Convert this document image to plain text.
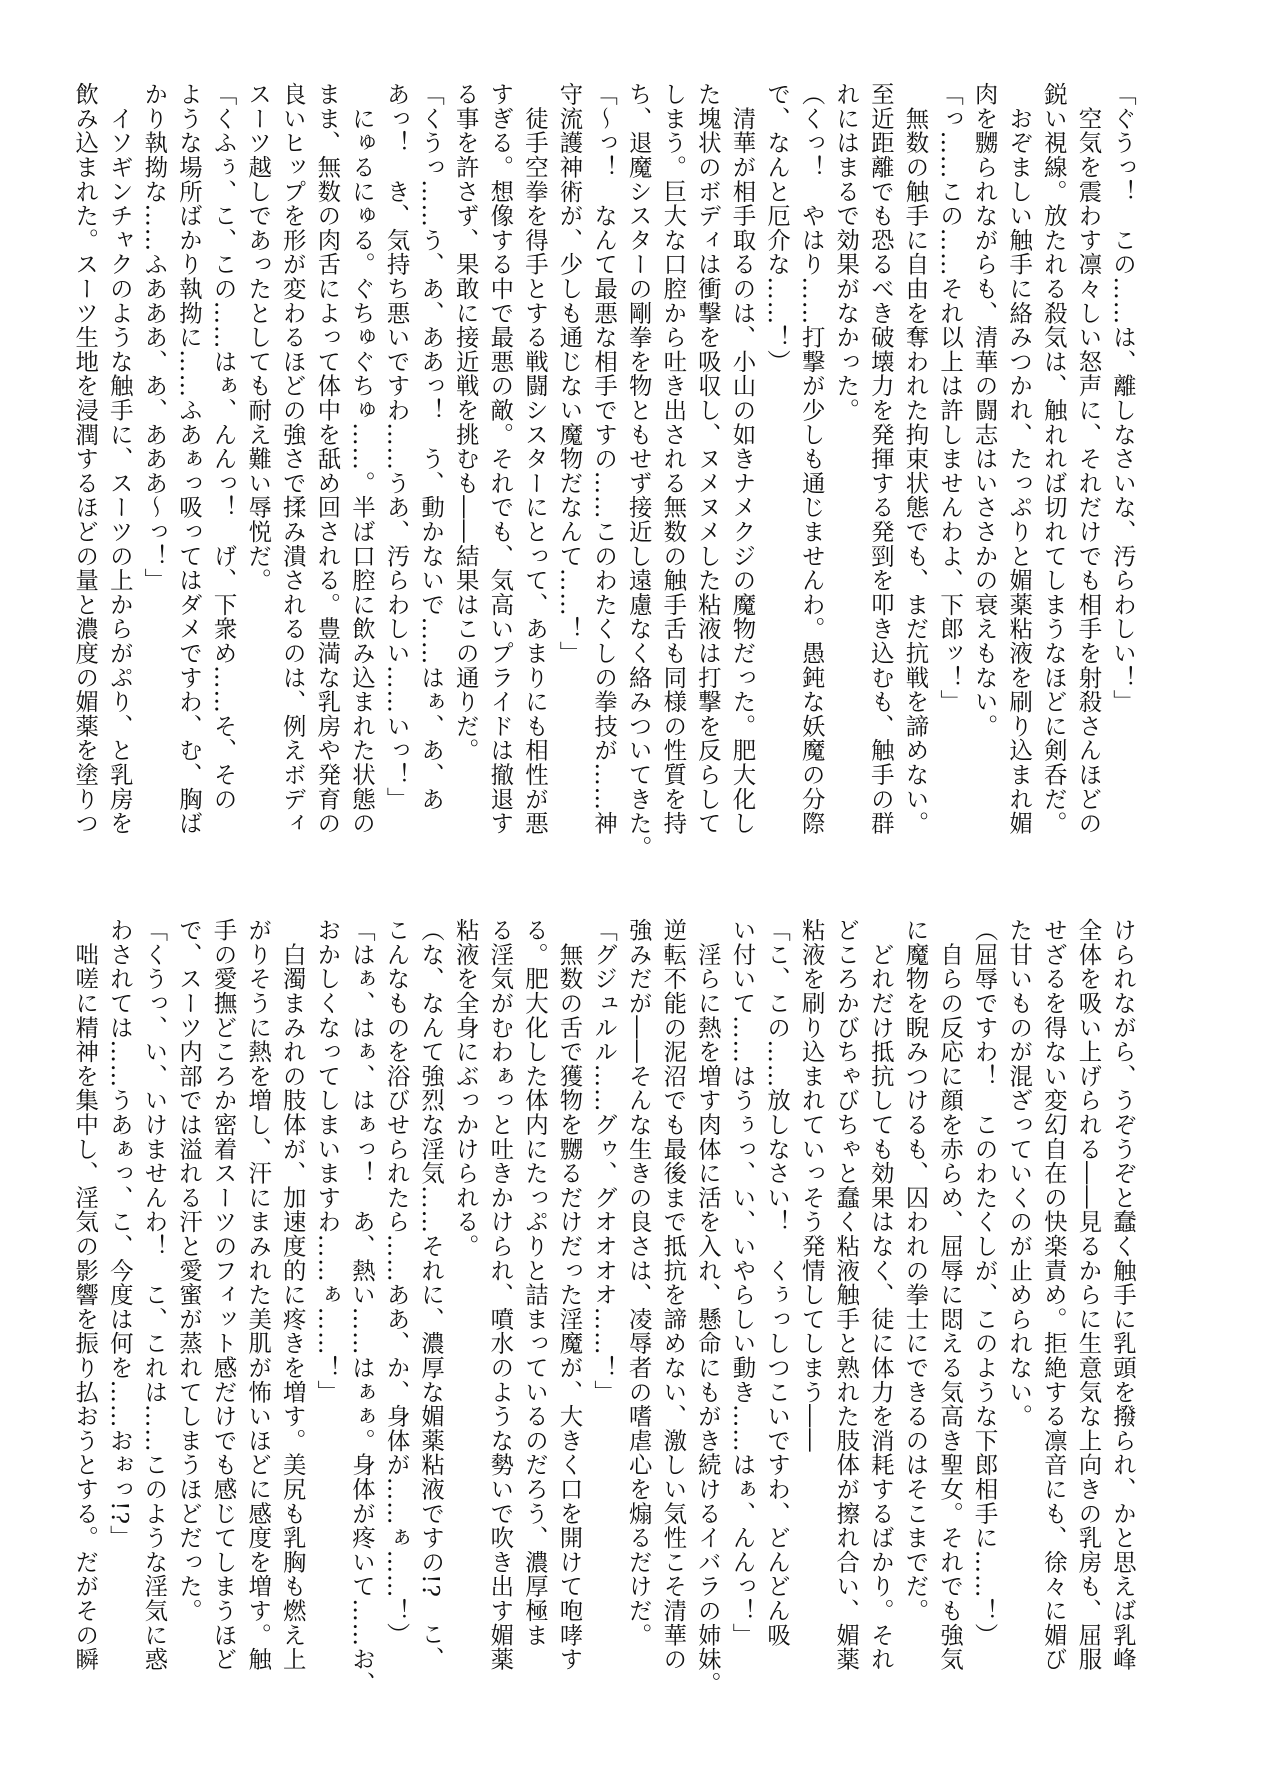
「ぐうっ！　この……は、離しなさいな、汚らわしい！」
　空気を震わす凛々しい怒声に、それだけでも相手を射殺さんほどの
鋭い視線。放たれる殺気は、触れれば切れてしまうなほどに剣呑だ。
　おぞましい触手に絡みつかれ、たっぷりと媚薬粘液を刷り込まれ媚
肉を嬲られながらも、清華の闘志はいささかの衰えもない。
「っ……この……それ以上は許しませんわよ、下郎ッ！」
　無数の触手に自由を奪われた拘束状態でも、まだ抗戦を諦めない。
至近距離でも恐るべき破壊力を発揮する発剄を叩き込むも、触手の群
れにはまるで効果がなかった。
（くっ！　やはり……打撃が少しも通じませんわ。愚鈍な妖魔の分際
で、なんと厄介な……！）
　清華が相手取るのは、小山の如きナメクジの魔物だった。肥大化し
た塊状のボディは衝撃を吸収し、ヌメヌメした粘液は打撃を反らして
しまう。巨大な口腔から吐き出される無数の触手舌も同様の性質を持
ち、退魔シスターの剛拳を物ともせず接近し遠慮なく絡みついてきた。
「～っ！　なんて最悪な相手ですの……このわたくしの拳技が……神
守流護神術が、少しも通じない魔物だなんて……！」
　徒手空拳を得手とする戦闘シスターにとって、あまりにも相性が悪
すぎる。想像する中で最悪の敵。それでも、気高いプライドは撤退す
る事を許さず、果敢に接近戦を挑むも――結果はこの通りだ。
「くうっ……う、あ、ああっ！　う、動かないで……はぁ、あ、あ
あっ！　き、気持ち悪いですわ……うあ、汚らわしい……いっ！」
　にゅるにゅる。ぐちゅぐちゅ……。半ば口腔に飲み込まれた状態の
まま、無数の肉舌によって体中を舐め回される。豊満な乳房や発育の
良いヒップを形が変わるほどの強さで揉み潰されるのは、例えボディ
スーツ越しであったとしても耐え難い辱悦だ。
「くふぅ、こ、この……はぁ、んんっ！　げ、下衆め……そ、その
ような場所ばかり執拗に……ふあぁっ吸ってはダメですわ、む、胸ば
かり執拗な……ふあああ、あ、あああ～っ！」
　イソギンチャクのような触手に、スーツの上からがぷり、と乳房を
飲み込まれた。スーツ生地を浸潤するほどの量と濃度の媚薬を塗りつ
けられながら、うぞうぞと蠢く触手に乳頭を撥られ、かと思えば乳峰
全体を吸い上げられる――見るからに生意気な上向きの乳房も、屈服
せざるを得ない変幻自在の快楽責め。拒絶する凛音にも、徐々に媚び
た甘いものが混ざっていくのが止められない。
（屈辱ですわ！　このわたくしが、このような下郎相手に……！）
　自らの反応に顔を赤らめ、屈辱に悶える気高き聖女。それでも強気
に魔物を睨みつけるも、囚われの拳士にできるのはそこまでだ。
　どれだけ抵抗しても効果はなく、徒に体力を消耗するばかり。それ
どころかびちゃびちゃと蠢く粘液触手と熟れた肢体が擦れ合い、媚薬
粘液を刷り込まれていっそう発情してしまう――
「こ、この……放しなさい！　くぅっしつこいですわ、どんどん吸
い付いて……はうぅっ、い、いやらしい動き……はぁ、んんっ！」
　淫らに熱を増す肉体に活を入れ、懸命にもがき続けるイバラの姉妹。
逆転不能の泥沼でも最後まで抵抗を諦めない、激しい気性こそ清華の
強みだが――そんな生きの良さは、凌辱者の嗜虐心を煽るだけだ。
「グジュルル……グゥ、グオオオオ……！」
　無数の舌で獲物を嬲るだけだった淫魔が、大きく口を開けて咆哮す
る。肥大化した体内にたっぷりと詰まっているのだろう、濃厚極ま
る淫気がむわぁっと吐きかけられ、噴水のような勢いで吹き出す媚薬
粘液を全身にぶっかけられる。
（な、なんて強烈な淫気……それに、濃厚な媚薬粘液ですの!?　こ、
こんなものを浴びせられたら……ああ、か、身体が……ぁ……！）
「はぁ、はぁ、はぁっ！　あ、熱い……はぁぁ。身体が疼いて……お、
おかしくなってしまいますわ……ぁ……！」
　白濁まみれの肢体が、加速度的に疼きを増す。美尻も乳胸も燃え上
がりそうに熱を増し、汗にまみれた美肌が怖いほどに感度を増す。触
手の愛撫どころか密着スーツのフィット感だけでも感じてしまうほど
で、スーツ内部では溢れる汗と愛蜜が蒸れてしまうほどだった。
「くうっ、い、いけませんわ！　こ、これは……このような淫気に惑
わされては……うあぁっ、こ、今度は何を……おぉっ!?」
　咄嗟に精神を集中し、淫気の影響を振り払おうとする。だがその瞬
